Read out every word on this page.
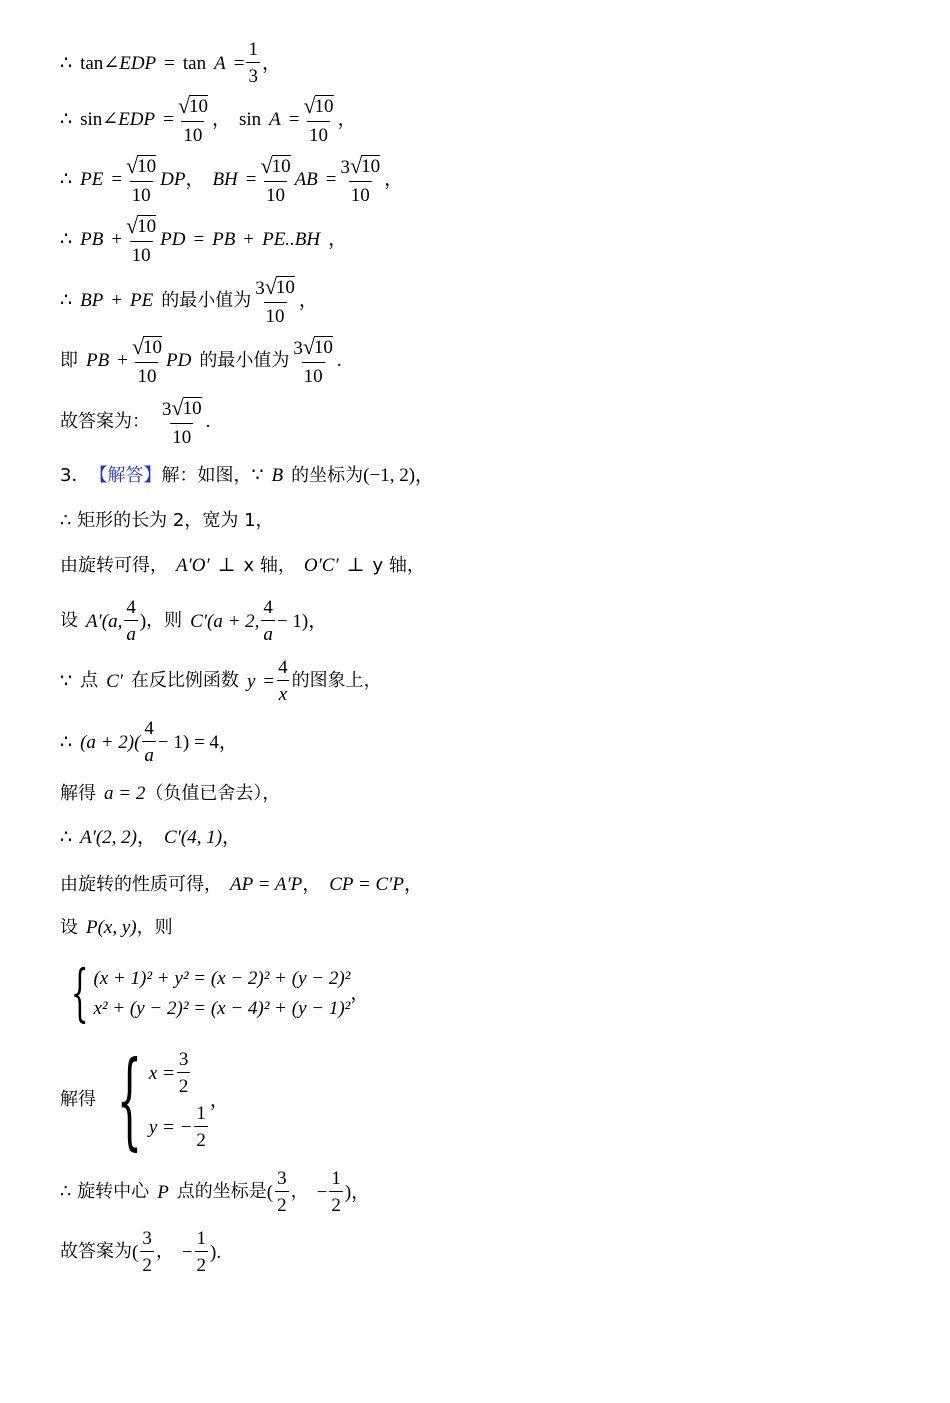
∴ tan ∠ EDP = $\tan A = \frac{1}{3}$ ，
∴ sin ∠ EDP = $\frac{√ 10}{10}$ ， $\sin A = \frac{√ 10}{10}$ ，
∴ PE = $\frac{√ 10}{10}$ DP ， BH = $\frac{√ 10}{10}$ AB = $\frac{3 √ 10}{10}$ ，
∴ PB + $\frac{√ 10}{10}$ PD = PB + PE..BH ，
∴ BP + PE 的最小值为 $\frac{3 √ 10}{10}$ ，
即 PB + $\frac{√ 10}{10}$ PD 的最小值为 $\frac{3 √ 10}{10}$ .
故答案为： $\frac{3 √ 10}{10}$ .
3． 【解答】 解：如图， ∵ B 的坐标为 (−1, 2) ，
∴ 矩形的长为 2，宽为 1，
由旋转可得， A′O′ ⊥ x 轴， O′C′ ⊥ y 轴，
设 A′(a, $\frac{4}{a}$ ) ，则 C′(a + 2, $\frac{4}{a} - 1$) ，
∵ 点 C′ 在反比例函数 $y = \frac{4}{x}$ 的图象上，
∴ $(a + 2)( \frac{4}{a} - 1) = 4$ ，
解得 a = 2 （负值已舍去），
∴ A′(2, 2) ， C′(4, 1) ，
由旋转的性质可得， AP = A′P ， CP = C′P ，
设 P(x, y) ，则
{ (x + 1)² + y² = (x − 2)² + (y − 2)²
x² + (y − 2)² = (x − 4)² + (y − 1)²
，
解得 { $x = \frac{3}{2}$
y = − $\frac{1}{2}$
，
∴ 旋转中心 P 点的坐标是 ( $\frac{3}{2}$ ， − $\frac{1}{2}$ ) ，
故答案为 ( $\frac{3}{2}$ ， − $\frac{1}{2}$ ) .
